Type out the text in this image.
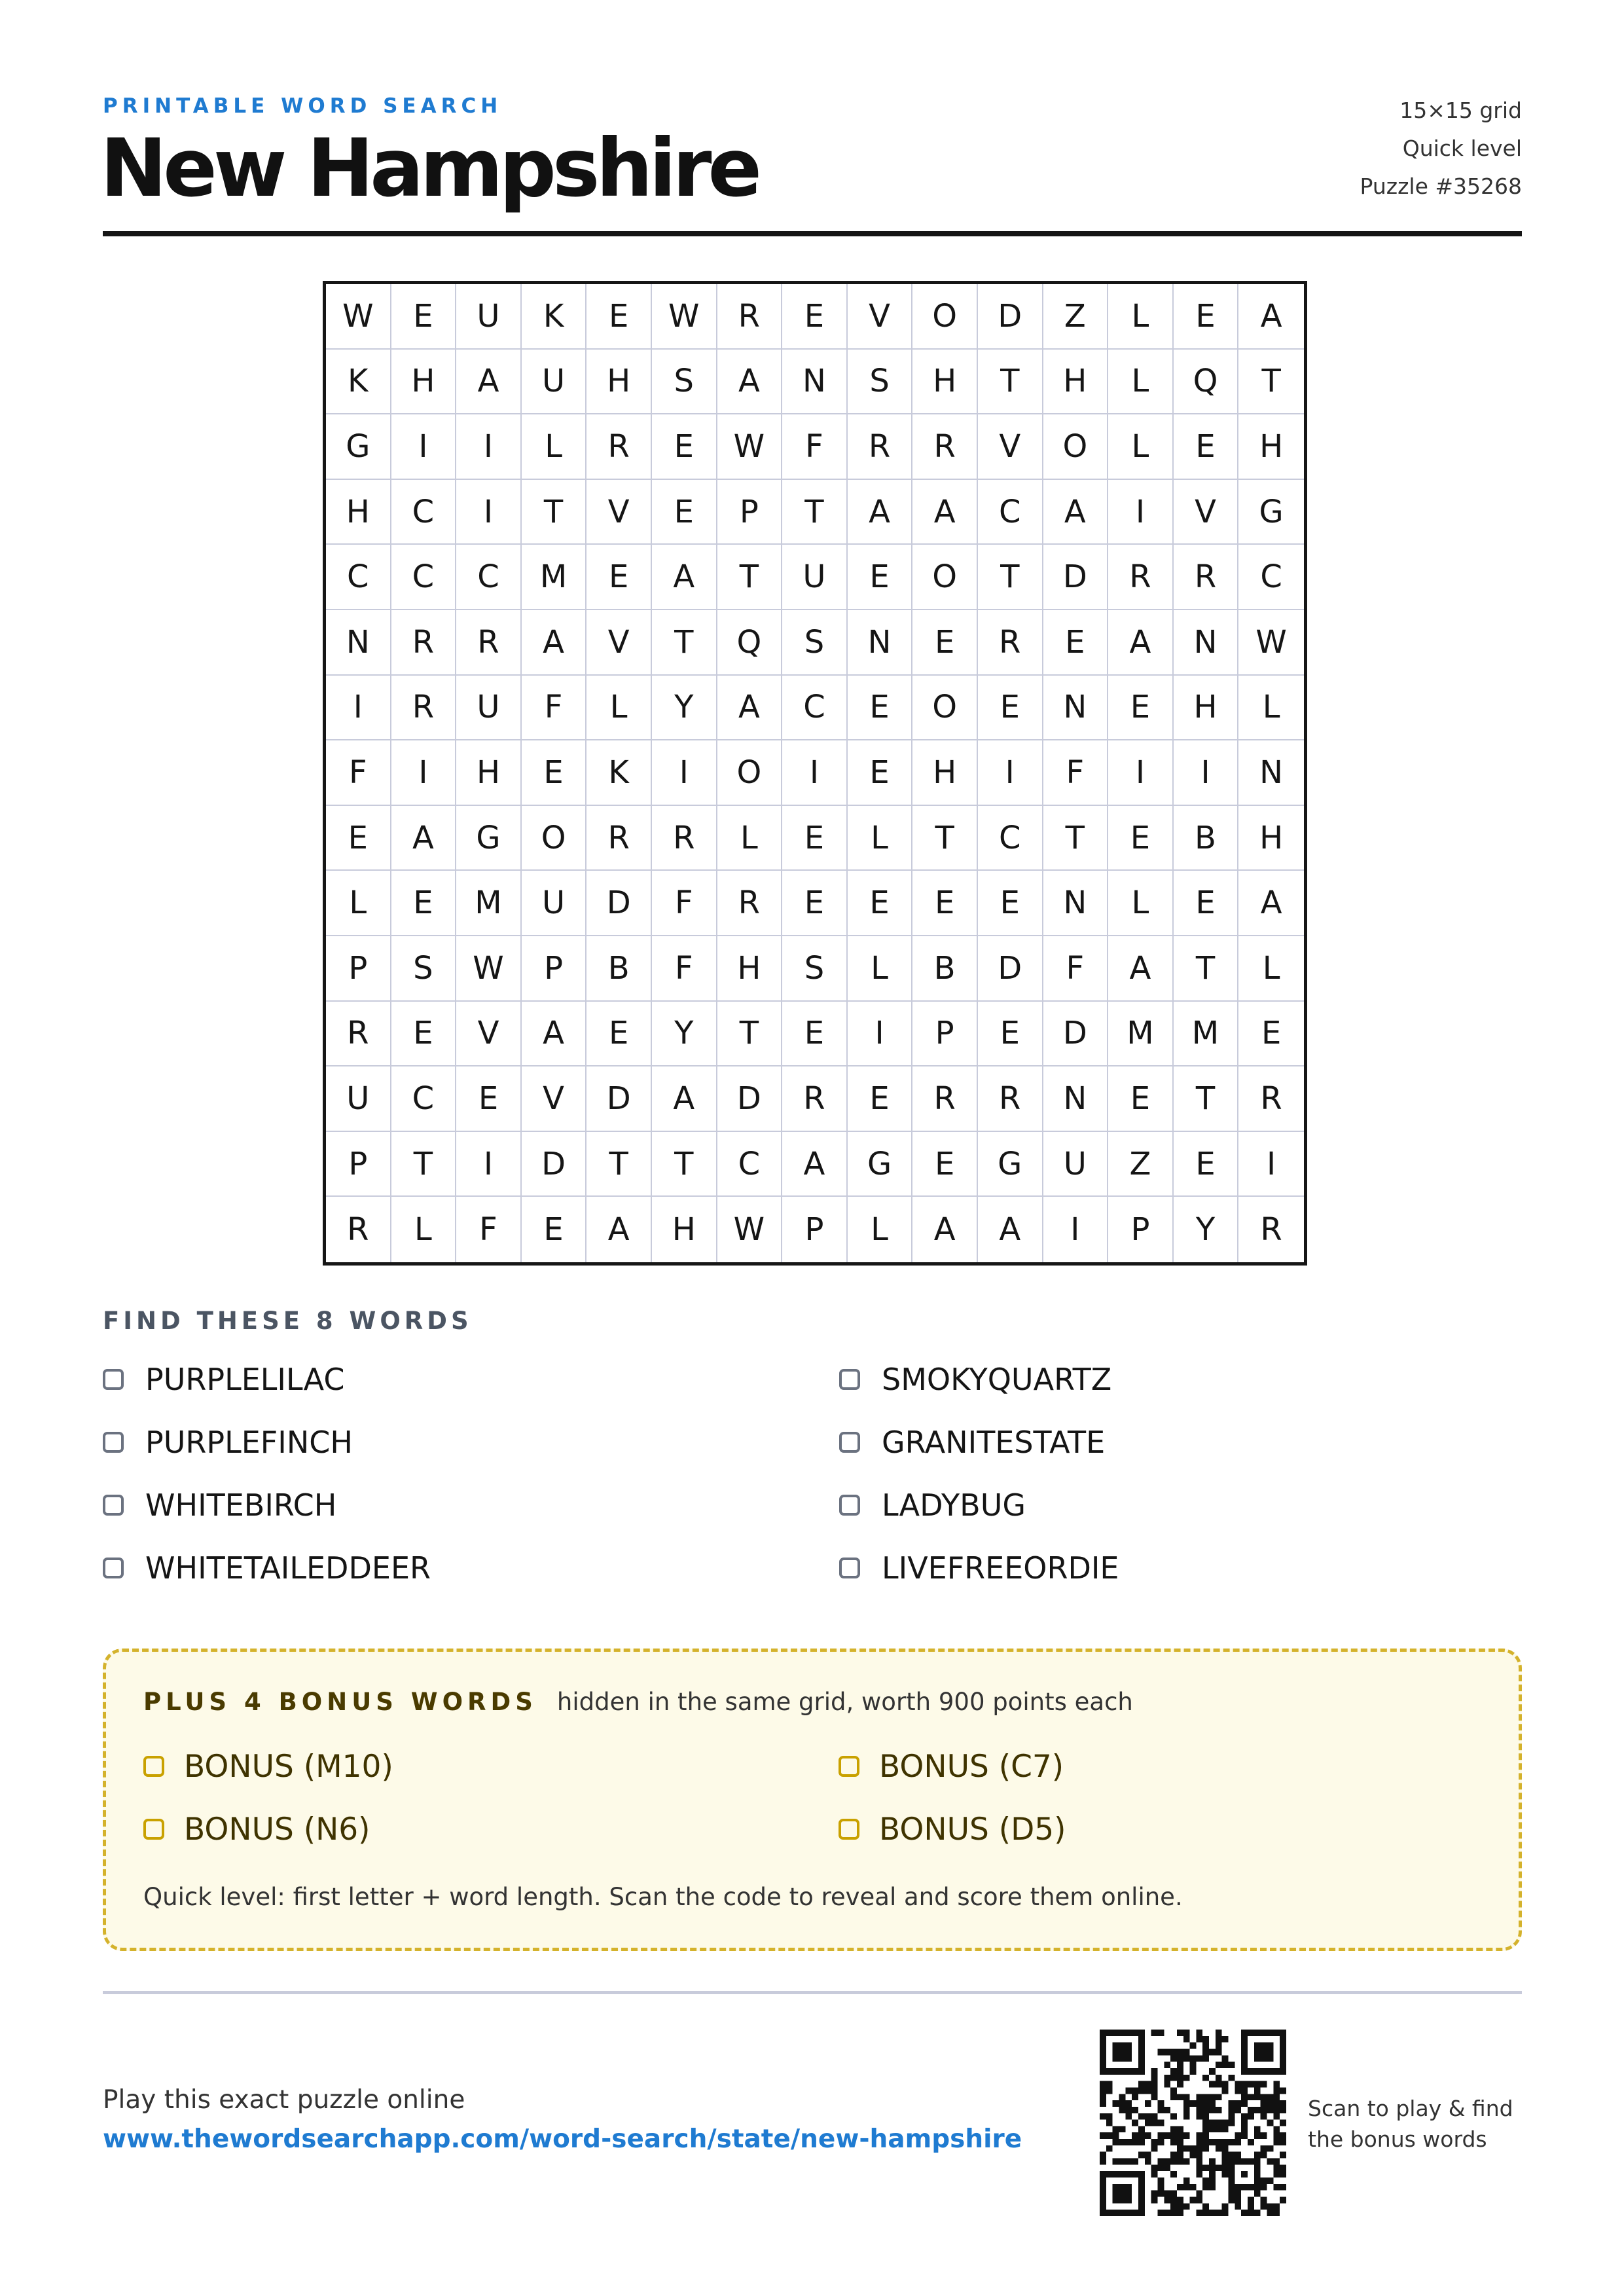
PRINTABLE WORD SEARCH
New Hampshire
15×15 grid
Quick level
Puzzle #35268
W	E	U	K	E	W	R	E	V	O	D	Z	L	E	A
K	H	A	U	H	S	A	N	S	H	T	H	L	Q	T
G	I	I	L	R	E	W	F	R	R	V	O	L	E	H
H	C	I	T	V	E	P	T	A	A	C	A	I	V	G
C	C	C	M	E	A	T	U	E	O	T	D	R	R	C
N	R	R	A	V	T	Q	S	N	E	R	E	A	N	W
I	R	U	F	L	Y	A	C	E	O	E	N	E	H	L
F	I	H	E	K	I	O	I	E	H	I	F	I	I	N
E	A	G	O	R	R	L	E	L	T	C	T	E	B	H
L	E	M	U	D	F	R	E	E	E	E	N	L	E	A
P	S	W	P	B	F	H	S	L	B	D	F	A	T	L
R	E	V	A	E	Y	T	E	I	P	E	D	M	M	E
U	C	E	V	D	A	D	R	E	R	R	N	E	T	R
P	T	I	D	T	T	C	A	G	E	G	U	Z	E	I
R	L	F	E	A	H	W	P	L	A	A	I	P	Y	R
FIND THESE 8 WORDS
PURPLELILAC	SMOKYQUARTZ
PURPLEFINCH	GRANITESTATE
WHITEBIRCH	LADYBUG
WHITETAILEDDEER	LIVEFREEORDIE
PLUS 4 BONUS WORDS hidden in the same grid, worth 900 points each
BONUS (M10)	BONUS (C7)
BONUS (N6)	BONUS (D5)
Quick level: first letter + word length. Scan the code to reveal and score them online.
Play this exact puzzle online
www.thewordsearchapp.com/word-search/state/new-hampshire
Scan to play & find
the bonus words
